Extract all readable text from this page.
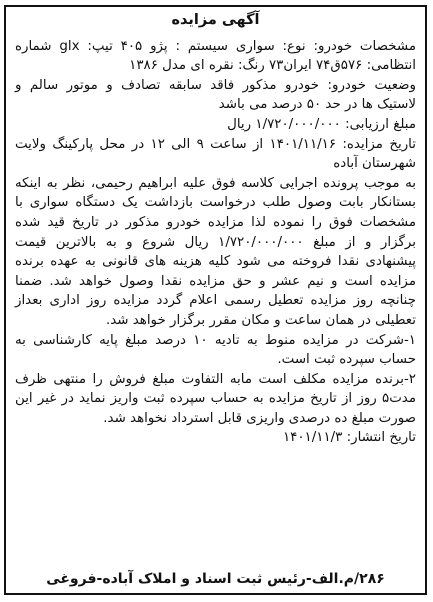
آگهی مزایده

مشخصات خودرو: نوع: سواری سیستم : پژو ۴۰۵ تیپ: glx شماره انتظامی: ۵۷۶ق۷۴ ایران۷۳ رنگ: نقره ای مدل ۱۳۸۶

وضعیت خودرو: خودرو مذکور فاقد سابقه تصادف و موتور سالم و لاستیک ها در حد ۵۰ درصد می باشد

مبلغ ارزیابی: ۱/۷۲۰/۰۰۰/۰۰۰ ریال

تاریخ مزایده: ۱۴۰۱/۱۱/۱۶ از ساعت ۹ الی ۱۲ در محل پارکینگ ولایت شهرستان آباده

به موجب پرونده اجرایی کلاسه فوق علیه ابراهیم رحیمی، نظر به اینکه بستانکار بابت وصول طلب درخواست بازداشت یک دستگاه سواری با مشخصات فوق را نموده لذا مزایده خودرو مذکور در تاریخ قید شده برگزار و از مبلغ ۱/۷۲۰/۰۰۰/۰۰۰ ریال شروع و به بالاترین قیمت پیشنهادی نقدا فروخته می شود کلیه هزینه های قانونی به عهده برنده مزایده است و نیم عشر و حق مزایده نقدا وصول خواهد شد. ضمنا چنانچه روز مزایده تعطیل رسمی اعلام گردد مزایده روز اداری بعداز تعطیلی در همان ساعت و مکان مقرر برگزار خواهد شد.

۱-شرکت در مزایده منوط به تادیه ۱۰ درصد مبلغ پایه کارشناسی به حساب سپرده ثبت است.

۲-برنده مزایده مکلف است مابه التفاوت مبلغ فروش را منتهی ظرف مدت۵ روز از تاریخ مزایده به حساب سپرده ثبت واریز نماید در غیر این صورت مبلغ ده درصدی واریزی قابل استرداد نخواهد شد.

تاریخ انتشار: ۱۴۰۱/۱۱/۳

۲۸۶/م.الف-رئیس ثبت اسناد و املاک آباده-فروغی
